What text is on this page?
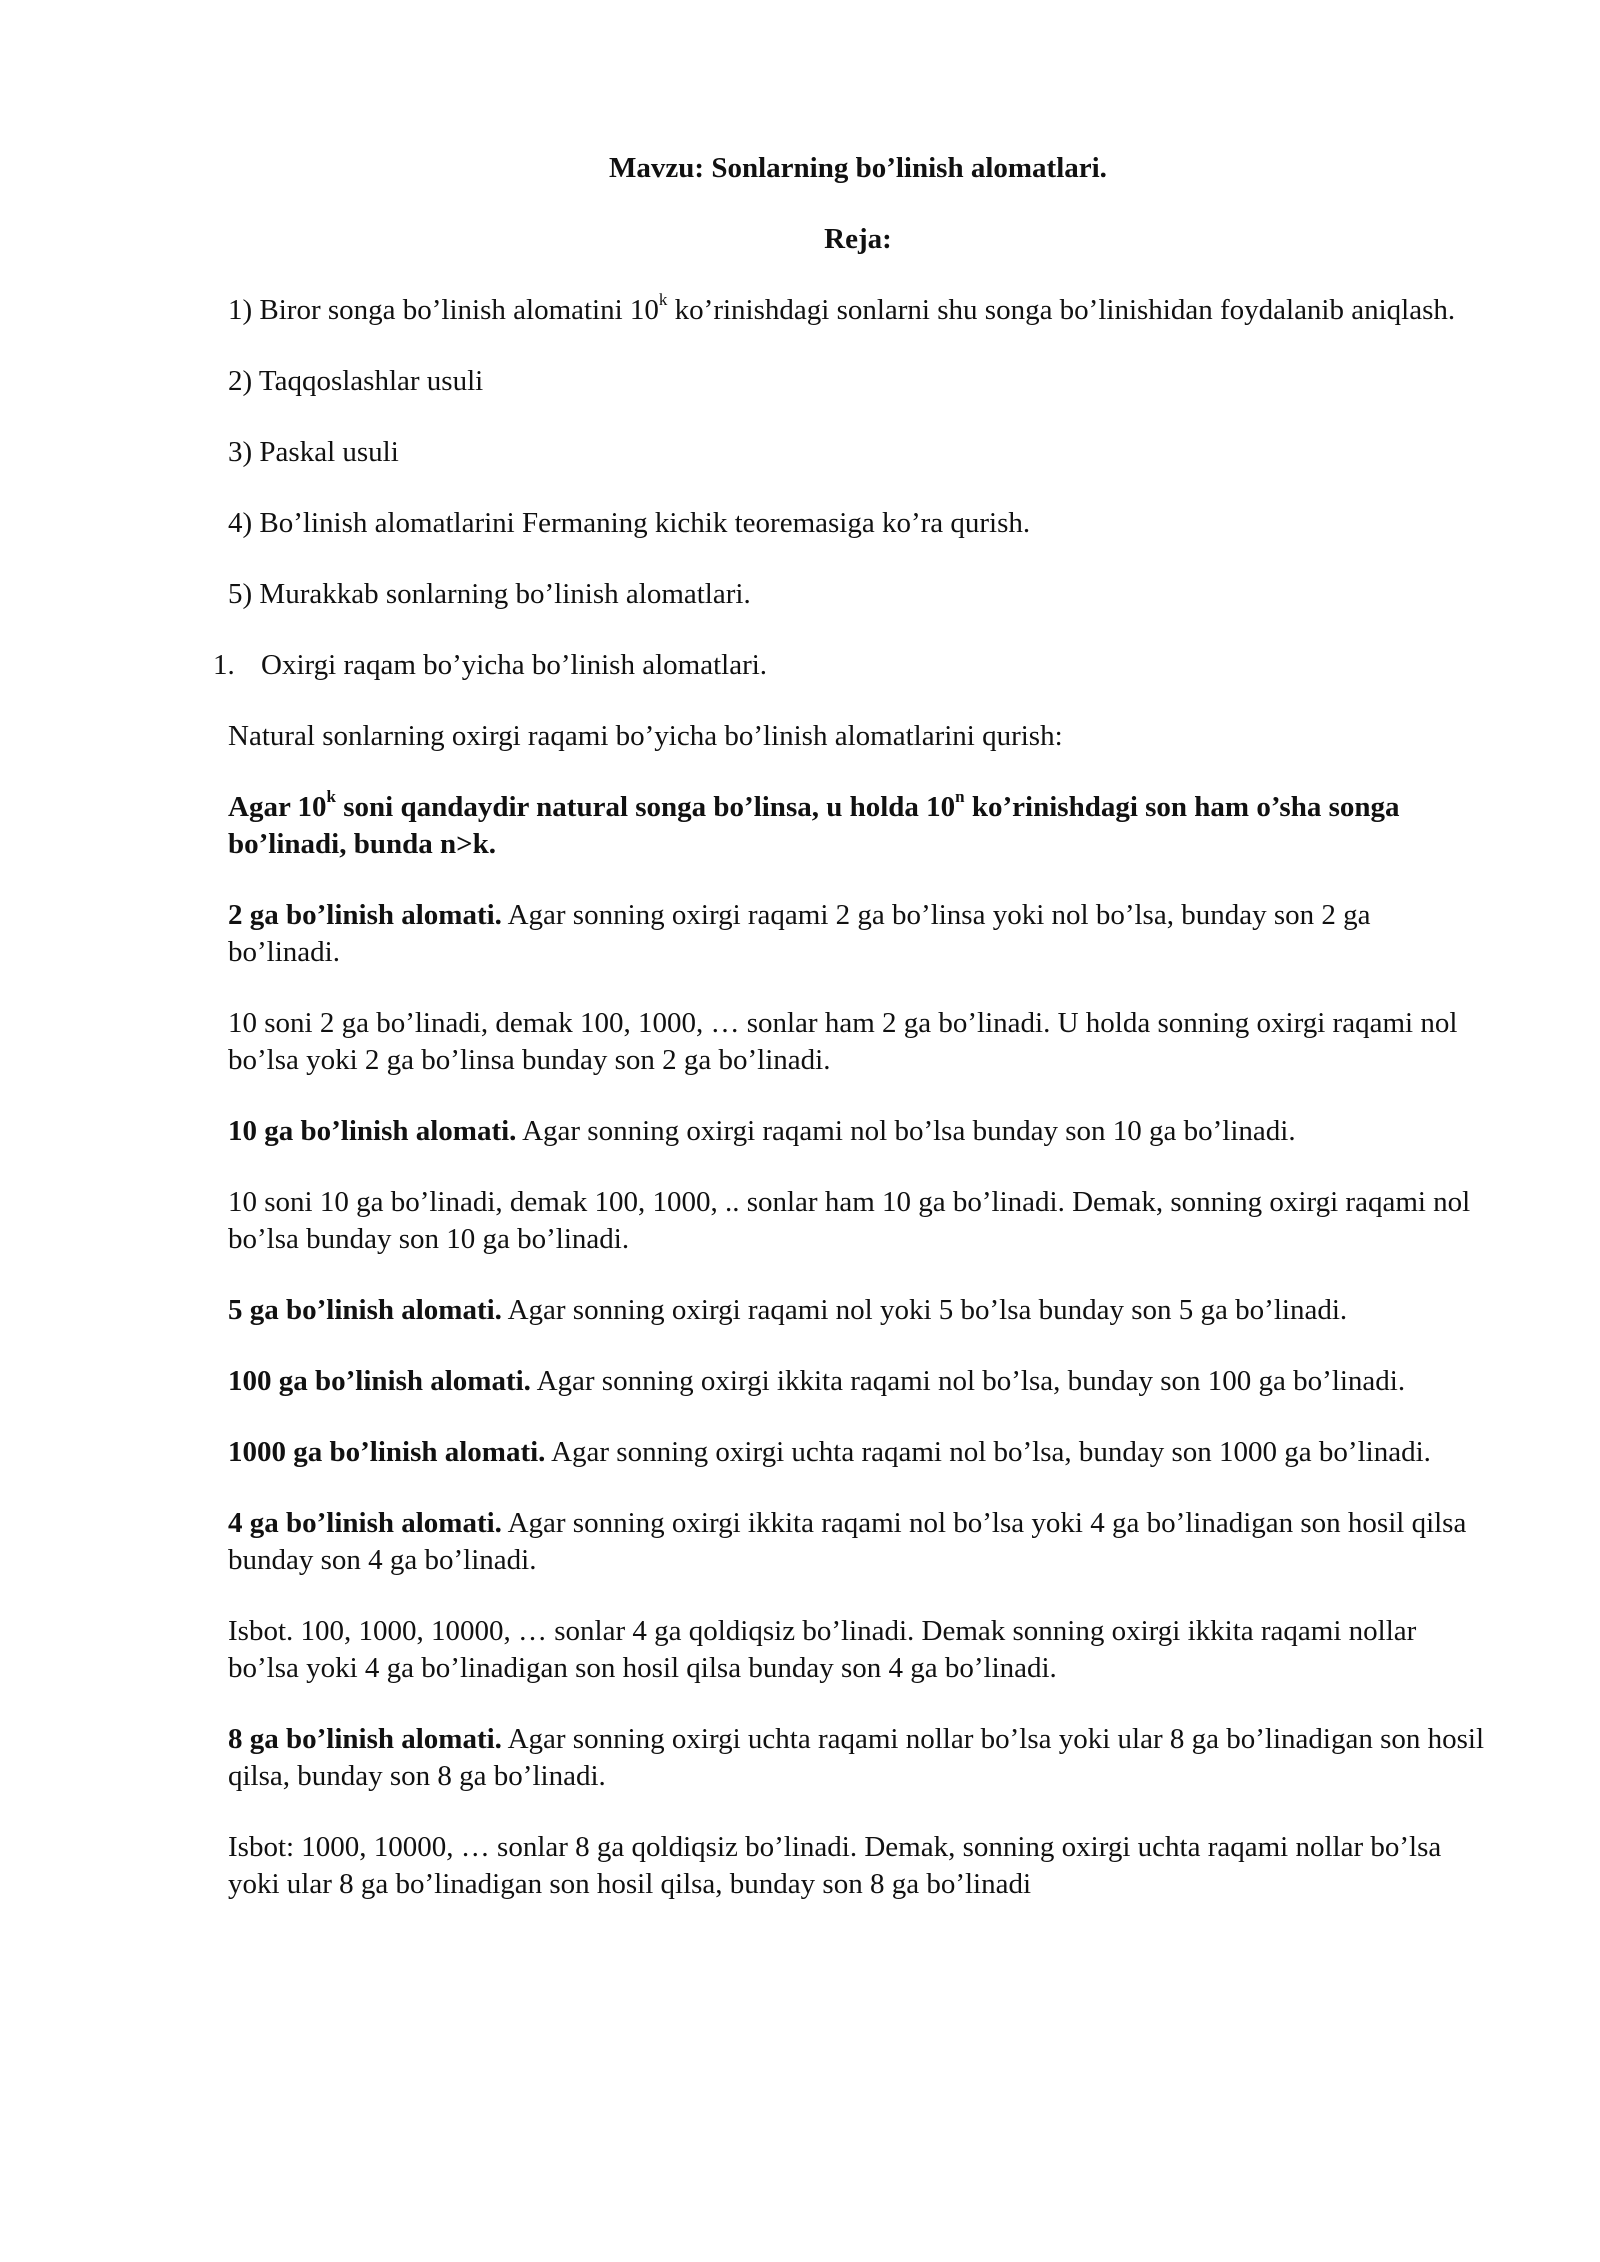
Mavzu: Sonlarning bo’linish alomatlari.
Reja:

1) Biror songa bo’linish alomatini 10$^k$ ko’rinishdagi sonlarni shu songa bo’linishidan foydalanib aniqlash.

2) Taqqoslashlar usuli

3) Paskal usuli

4) Bo’linish alomatlarini Fermaning kichik teoremasiga ko’ra qurish.

5) Murakkab sonlarning bo’linish alomatlari.

1. Oxirgi raqam bo’yicha bo’linish alomatlari.

Natural sonlarning oxirgi raqami bo’yicha bo’linish alomatlarini qurish:

Agar 10$^k$ soni qandaydir natural songa bo’linsa, u holda 10$^n$ ko’rinishdagi son ham o’sha songa bo’linadi, bunda n>k.

2 ga bo’linish alomati. Agar sonning oxirgi raqami 2 ga bo’linsa yoki nol bo’lsa, bunday son 2 ga bo’linadi.

10 soni 2 ga bo’linadi, demak 100, 1000, … sonlar ham 2 ga bo’linadi. U holda sonning oxirgi raqami nol bo’lsa yoki 2 ga bo’linsa bunday son 2 ga bo’linadi.

10 ga bo’linish alomati. Agar sonning oxirgi raqami nol bo’lsa bunday son 10 ga bo’linadi.

10 soni 10 ga bo’linadi, demak 100, 1000, .. sonlar ham 10 ga bo’linadi. Demak, sonning oxirgi raqami nol bo’lsa bunday son 10 ga bo’linadi.

5 ga bo’linish alomati. Agar sonning oxirgi raqami nol yoki 5 bo’lsa bunday son 5 ga bo’linadi.

100 ga bo’linish alomati. Agar sonning oxirgi ikkita raqami nol bo’lsa, bunday son 100 ga bo’linadi.

1000 ga bo’linish alomati. Agar sonning oxirgi uchta raqami nol bo’lsa, bunday son 1000 ga bo’linadi.

4 ga bo’linish alomati. Agar sonning oxirgi ikkita raqami nol bo’lsa yoki 4 ga bo’linadigan son hosil qilsa bunday son 4 ga bo’linadi.

Isbot. 100, 1000, 10000, … sonlar 4 ga qoldiqsiz bo’linadi. Demak sonning oxirgi ikkita raqami nollar bo’lsa yoki 4 ga bo’linadigan son hosil qilsa bunday son 4 ga bo’linadi.

8 ga bo’linish alomati. Agar sonning oxirgi uchta raqami nollar bo’lsa yoki ular 8 ga bo’linadigan son hosil qilsa, bunday son 8 ga bo’linadi.

Isbot: 1000, 10000, … sonlar 8 ga qoldiqsiz bo’linadi. Demak, sonning oxirgi uchta raqami nollar bo’lsa yoki ular 8 ga bo’linadigan son hosil qilsa, bunday son 8 ga bo’linadi
